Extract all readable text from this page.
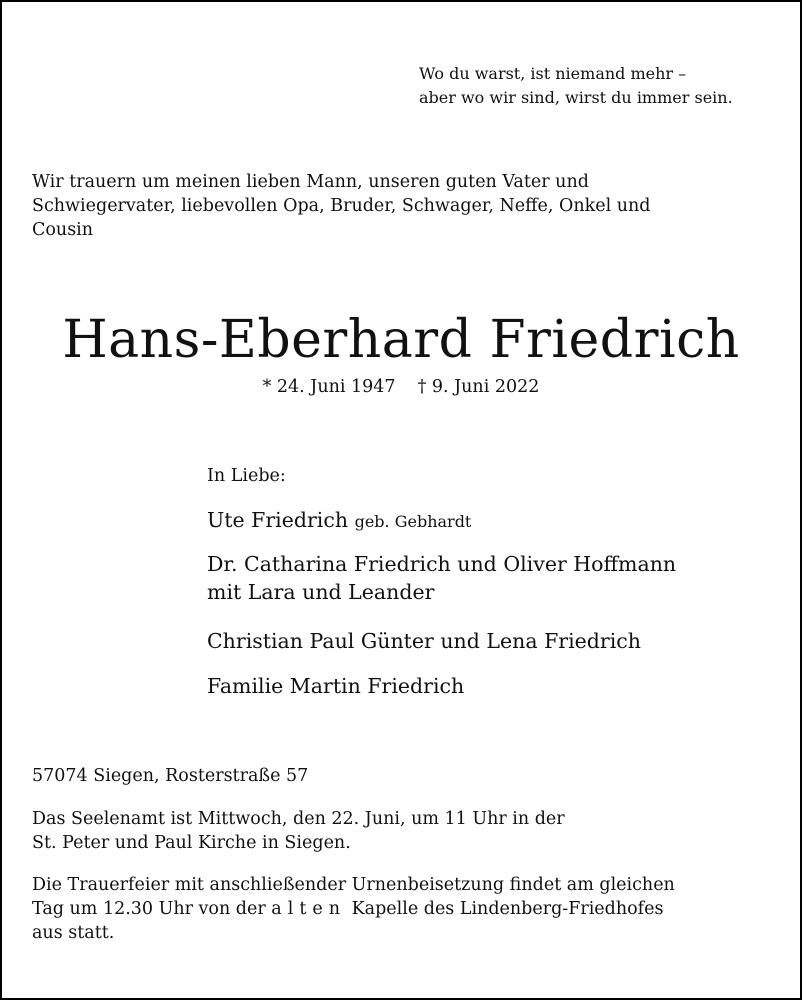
Wo du warst, ist niemand mehr –
aber wo wir sind, wirst du immer sein.
Wir trauern um meinen lieben Mann, unseren guten Vater und
Schwiegervater, liebevollen Opa, Bruder, Schwager, Neffe, Onkel und
Cousin
Hans-Eberhard Friedrich
* 24. Juni 1947 † 9. Juni 2022
In Liebe:
Ute Friedrich geb. Gebhardt
Dr. Catharina Friedrich und Oliver Hoffmann
mit Lara und Leander
Christian Paul Günter und Lena Friedrich
Familie Martin Friedrich
57074 Siegen, Rosterstraße 57
Das Seelenamt ist Mittwoch, den 22. Juni, um 11 Uhr in der
St. Peter und Paul Kirche in Siegen.
Die Trauerfeier mit anschließender Urnenbeisetzung findet am gleichen
Tag um 12.30 Uhr von der alten Kapelle des Lindenberg-Friedhofes
aus statt.
